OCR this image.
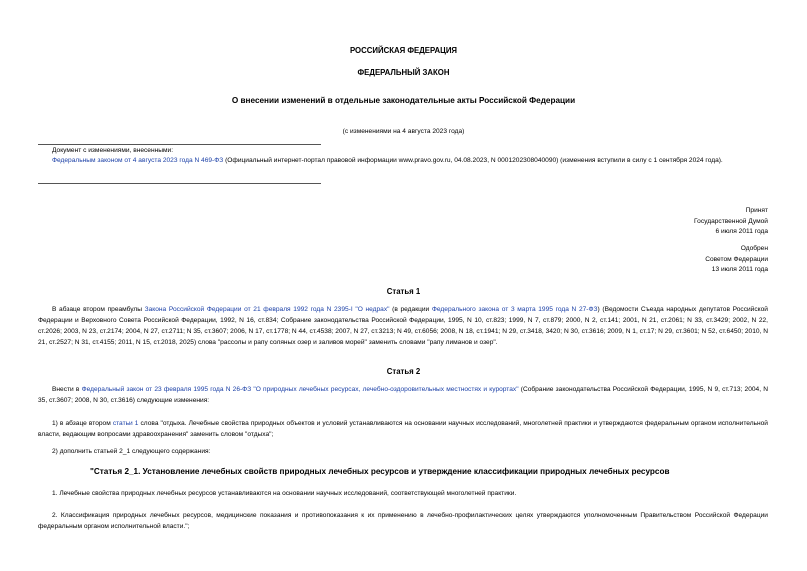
РОССИЙСКАЯ ФЕДЕРАЦИЯ
ФЕДЕРАЛЬНЫЙ ЗАКОН
О внесении изменений в отдельные законодательные акты Российской Федерации
(с изменениями на 4 августа 2023 года)
Документ с изменениями, внесенными:
Федеральным законом от 4 августа 2023 года N 469-ФЗ (Официальный интернет-портал правовой информации www.pravo.gov.ru, 04.08.2023, N 0001202308040090) (изменения вступили в силу с 1 сентября 2024 года).
Принят
Государственной Думой
6 июля 2011 года
Одобрен
Советом Федерации
13 июля 2011 года
Статья 1
В абзаце втором преамбулы Закона Российской Федерации от 21 февраля 1992 года N 2395-I "О недрах" (в редакции Федерального закона от 3 марта 1995 года N 27-ФЗ) (Ведомости Съезда народных депутатов Российской Федерации и Верховного Совета Российской Федерации, 1992, N 16, ст.834; Собрание законодательства Российской Федерации, 1995, N 10, ст.823; 1999, N 7, ст.879; 2000, N 2, ст.141; 2001, N 21, ст.2061; N 33, ст.3429; 2002, N 22, ст.2026; 2003, N 23, ст.2174; 2004, N 27, ст.2711; N 35, ст.3607; 2006, N 17, ст.1778; N 44, ст.4538; 2007, N 27, ст.3213; N 49, ст.6056; 2008, N 18, ст.1941; N 29, ст.3418, 3420; N 30, ст.3616; 2009, N 1, ст.17; N 29, ст.3601; N 52, ст.6450; 2010, N 21, ст.2527; N 31, ст.4155; 2011, N 15, ст.2018, 2025) слова "рассолы и рапу соляных озер и заливов морей" заменить словами "рапу лиманов и озер".
Статья 2
Внести в Федеральный закон от 23 февраля 1995 года N 26-ФЗ "О природных лечебных ресурсах, лечебно-оздоровительных местностях и курортах" (Собрание законодательства Российской Федерации, 1995, N 9, ст.713; 2004, N 35, ст.3607; 2008, N 30, ст.3616) следующие изменения:
1) в абзаце втором статьи 1 слова "отдыха. Лечебные свойства природных объектов и условий устанавливаются на основании научных исследований, многолетней практики и утверждаются федеральным органом исполнительной власти, ведающим вопросами здравоохранения" заменить словом "отдыха";
2) дополнить статьей 2_1 следующего содержания:
"Статья 2_1. Установление лечебных свойств природных лечебных ресурсов и утверждение классификации природных лечебных ресурсов
1. Лечебные свойства природных лечебных ресурсов устанавливаются на основании научных исследований, соответствующей многолетней практики.
2. Классификация природных лечебных ресурсов, медицинские показания и противопоказания к их применению в лечебно-профилактических целях утверждаются уполномоченным Правительством Российской Федерации федеральным органом исполнительной власти.";
